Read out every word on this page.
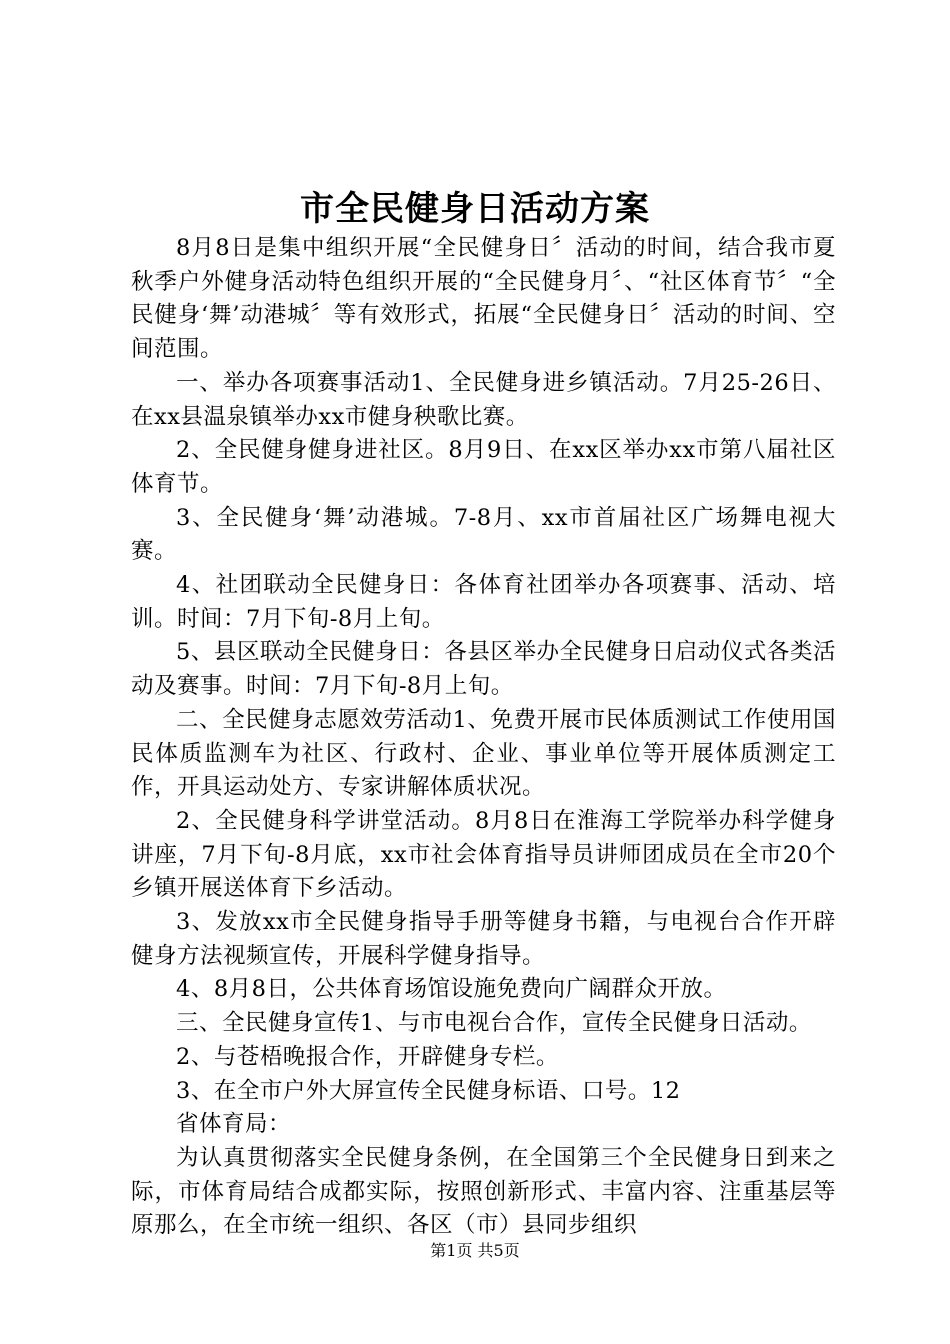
市全民健身日活动方案

8月8日是集中组织开展“全民健身日〞活动的时间，结合我市夏秋季户外健身活动特色组织开展的“全民健身月〞、“社区体育节〞“全民健身‘舞’动港城〞等有效形式，拓展“全民健身日〞活动的时间、空间范围。

一、举办各项赛事活动1、全民健身进乡镇活动。7月25-26日、在xx县温泉镇举办xx市健身秧歌比赛。

2、全民健身健身进社区。8月9日、在xx区举办xx市第八届社区体育节。

3、全民健身‘舞’动港城。7-8月、xx市首届社区广场舞电视大赛。

4、社团联动全民健身日：各体育社团举办各项赛事、活动、培训。时间：7月下旬-8月上旬。

5、县区联动全民健身日：各县区举办全民健身日启动仪式各类活动及赛事。时间：7月下旬-8月上旬。

二、全民健身志愿效劳活动1、免费开展市民体质测试工作使用国民体质监测车为社区、行政村、企业、事业单位等开展体质测定工作，开具运动处方、专家讲解体质状况。

2、全民健身科学讲堂活动。8月8日在淮海工学院举办科学健身讲座，7月下旬-8月底，xx市社会体育指导员讲师团成员在全市20个乡镇开展送体育下乡活动。

3、发放xx市全民健身指导手册等健身书籍，与电视台合作开辟健身方法视频宣传，开展科学健身指导。

4、8月8日，公共体育场馆设施免费向广阔群众开放。

三、全民健身宣传1、与市电视台合作，宣传全民健身日活动。

2、与苍梧晚报合作，开辟健身专栏。

3、在全市户外大屏宣传全民健身标语、口号。12

省体育局：

为认真贯彻落实全民健身条例，在全国第三个全民健身日到来之际，市体育局结合成都实际，按照创新形式、丰富内容、注重基层等原那么，在全市统一组织、各区（市）县同步组织

第1页 共5页
